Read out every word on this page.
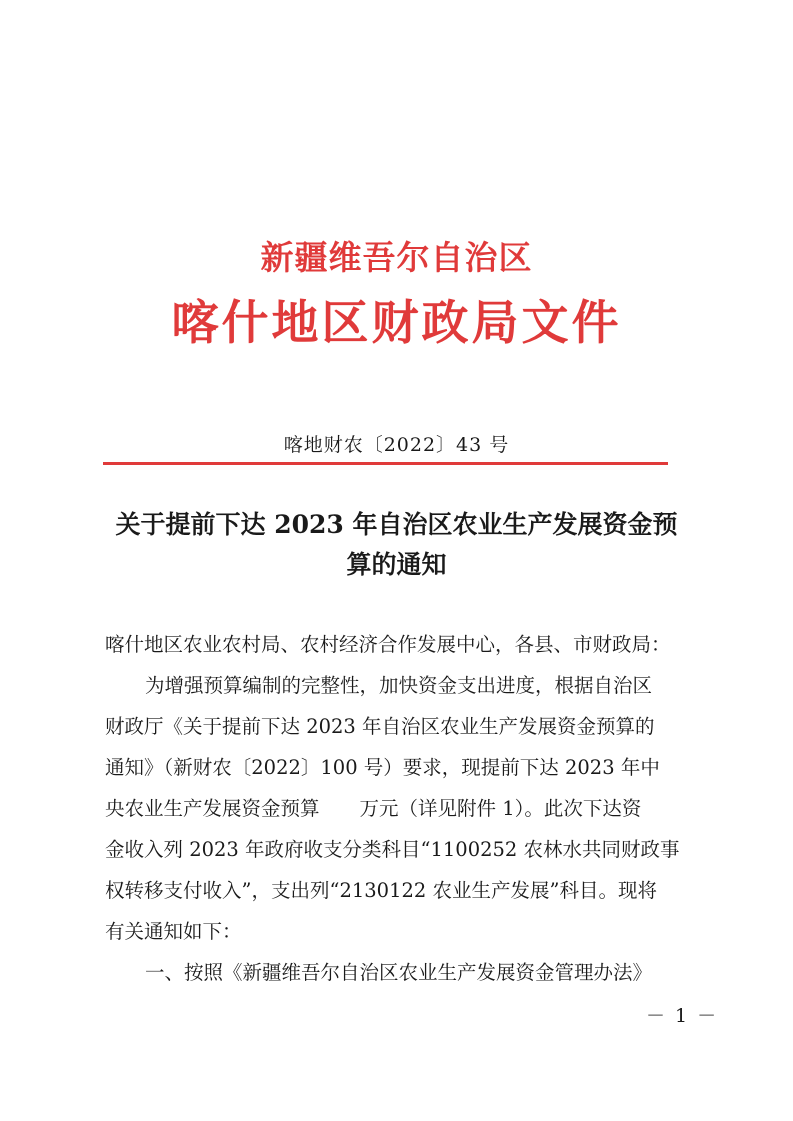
新疆维吾尔自治区
喀什地区财政局文件
喀地财农〔2022〕43 号
关于提前下达 2023 年自治区农业生产发展资金预
算的通知
喀什地区农业农村局、农村经济合作发展中心，各县、市财政局：
为增强预算编制的完整性，加快资金支出进度，根据自治区
财政厅《关于提前下达 2023 年自治区农业生产发展资金预算的
通知》（新财农〔2022〕100 号）要求，现提前下达 2023 年中
央农业生产发展资金预算 万元（详见附件 1）。此次下达资
金收入列 2023 年政府收支分类科目“1100252 农林水共同财政事
权转移支付收入”，支出列“2130122 农业生产发展”科目。现将
有关通知如下：
一、按照《新疆维吾尔自治区农业生产发展资金管理办法》
－ 1 －
